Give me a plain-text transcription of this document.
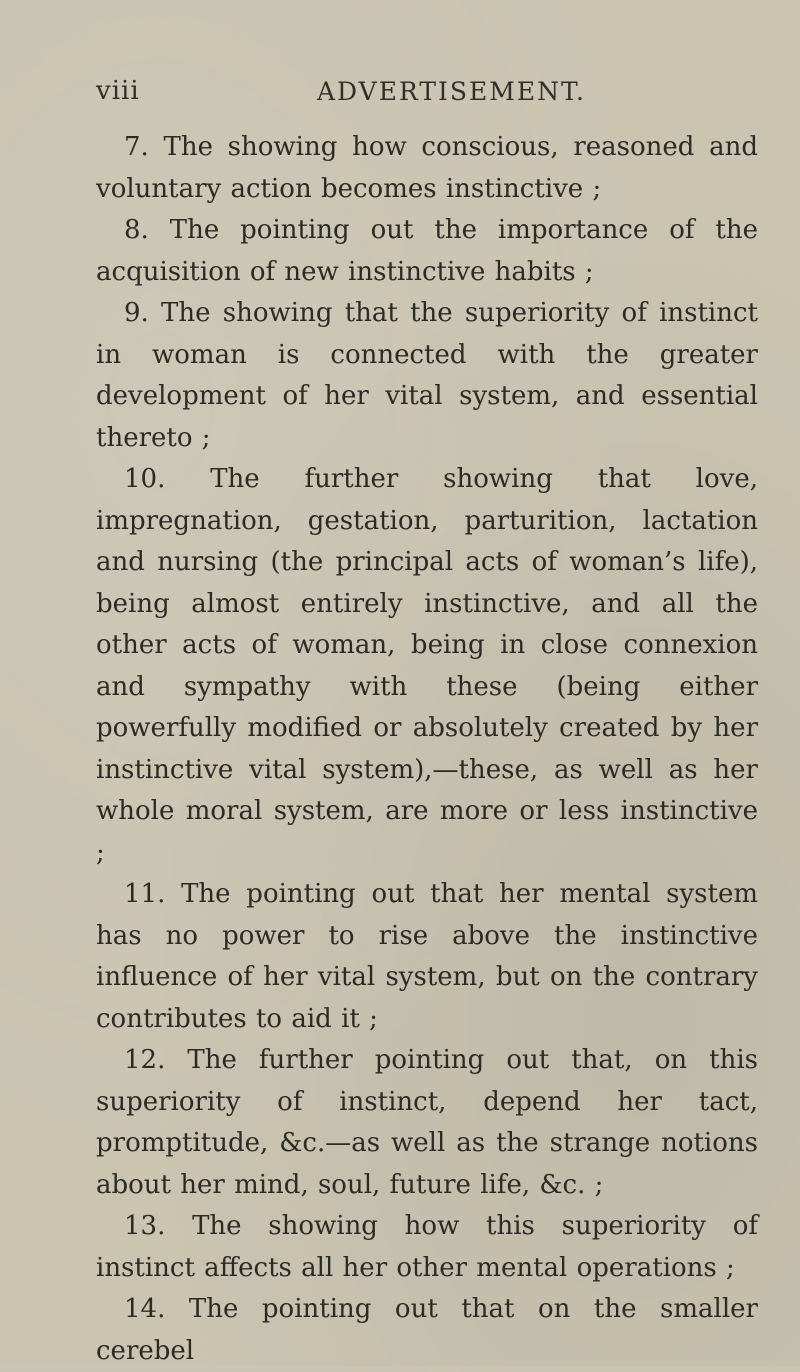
viii	ADVERTISEMENT.

7. The showing how conscious, reasoned and voluntary action becomes instinctive ;

8. The pointing out the importance of the acquisition of new instinctive habits ;

9. The showing that the superiority of instinct in woman is connected with the greater development of her vital system, and essential thereto ;

10. The further showing that love, impregnation, gestation, parturition, lactation and nursing (the principal acts of woman’s life), being almost entirely instinctive, and all the other acts of woman, being in close connexion and sympathy with these (being either powerfully modified or absolutely created by her instinctive vital system),—these, as well as her whole moral system, are more or less instinctive ;

11. The pointing out that her mental system has no power to rise above the instinctive influence of her vital system, but on the contrary contributes to aid it ;

12. The further pointing out that, on this superiority of instinct, depend her tact, promptitude, &c.—as well as the strange notions about her mind, soul, future life, &c. ;

13. The showing how this superiority of instinct affects all her other mental operations ;

14. The pointing out that on the smaller cerebel
